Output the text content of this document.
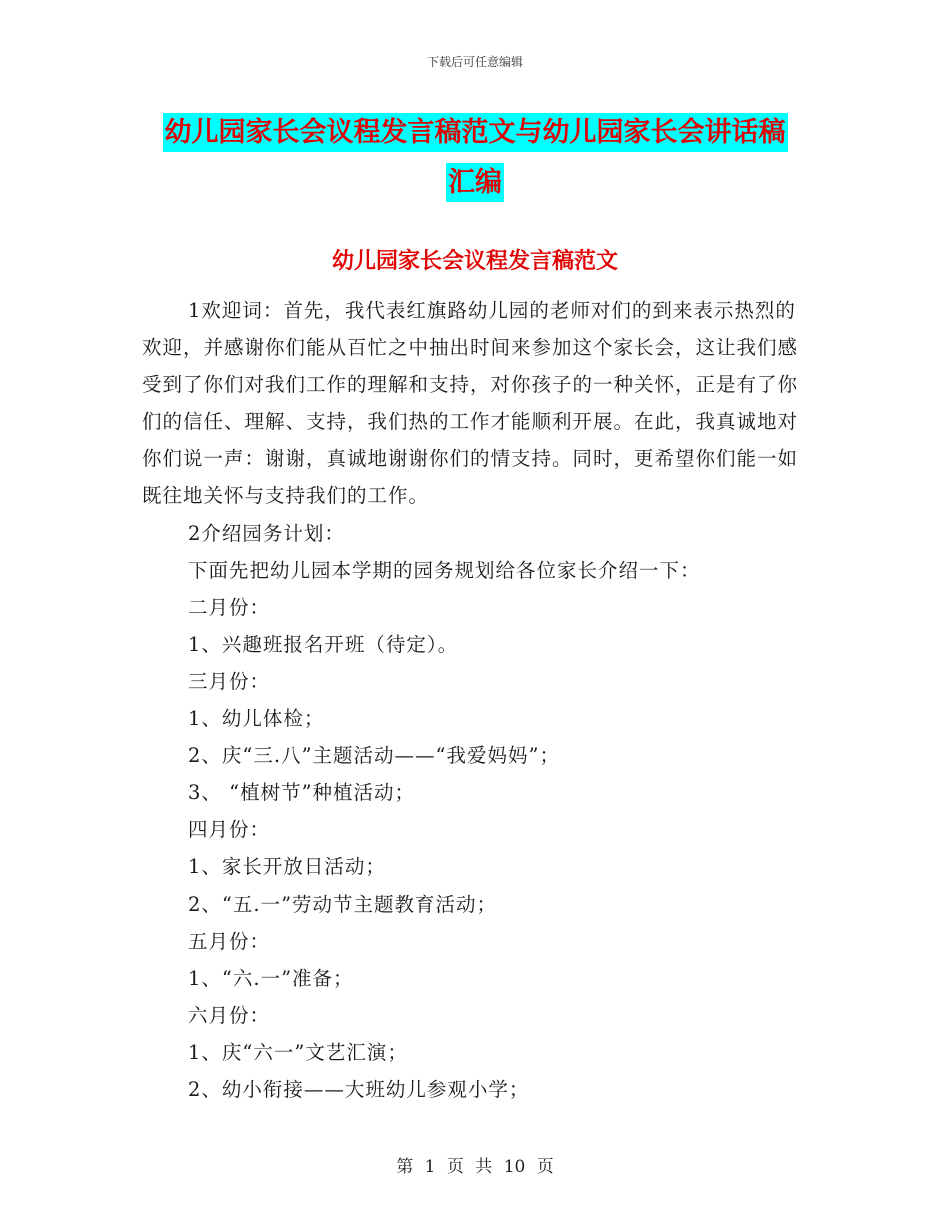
下载后可任意编辑
幼儿园家长会议程发言稿范文与幼儿园家长会讲话稿
汇编
幼儿园家长会议程发言稿范文

1欢迎词：首先，我代表红旗路幼儿园的老师对们的到来表示热烈的欢迎，并感谢你们能从百忙之中抽出时间来参加这个家长会，这让我们感受到了你们对我们工作的理解和支持，对你孩子的一种关怀，正是有了你们的信任、理解、支持，我们热的工作才能顺利开展。在此，我真诚地对你们说一声：谢谢，真诚地谢谢你们的情支持。同时，更希望你们能一如既往地关怀与支持我们的工作。

2介绍园务计划：

下面先把幼儿园本学期的园务规划给各位家长介绍一下：

二月份：

1、兴趣班报名开班（待定）。

三月份：

1、幼儿体检；

2、庆“三.八”主题活动——“我爱妈妈”；

3、 “植树节”种植活动；

四月份：

1、家长开放日活动；

2、“五.一”劳动节主题教育活动；

五月份：

1、“六.一”准备；

六月份：

1、庆“六一”文艺汇演；

2、幼小衔接——大班幼儿参观小学；

第 1 页 共 10 页
